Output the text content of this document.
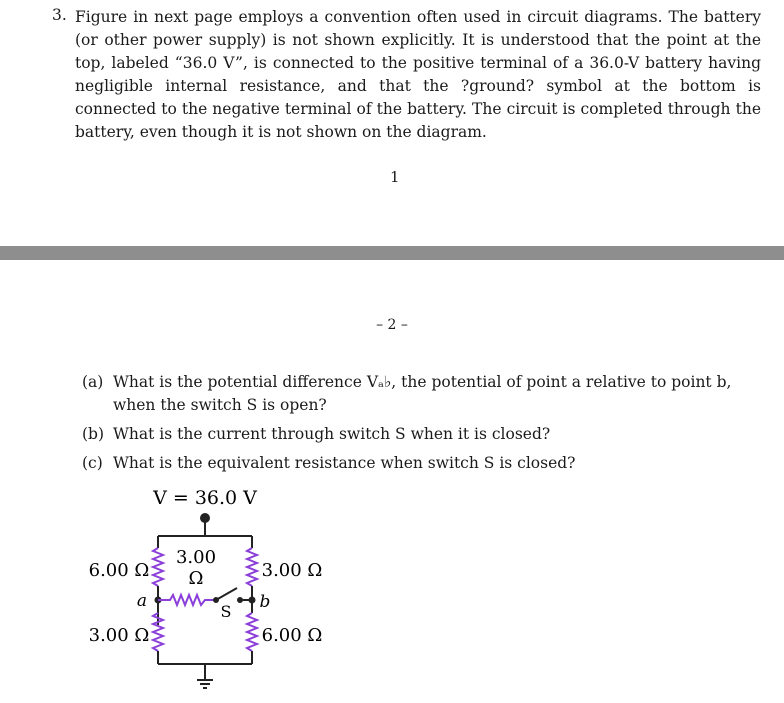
3. Figure in next page employs a convention often used in circuit diagrams. The battery (or other power supply) is not shown explicitly. It is understood that the point at the top, labeled “36.0 V”, is connected to the positive terminal of a 36.0-V battery having negligible internal resistance, and that the ?ground? symbol at the bottom is connected to the negative terminal of the battery. The circuit is completed through the battery, even though it is not shown on the diagram.
1
– 2 –
(a) What is the potential difference Vₐ♭, the potential of point a relative to point b, when the switch S is open?
(b) What is the current through switch S when it is closed?
(c) What is the equivalent resistance when switch S is closed?
V = 36.0 V
6.00 Ω
3.00
Ω	3.00 Ω
3.00 Ω	6.00 Ω
a	b
S
